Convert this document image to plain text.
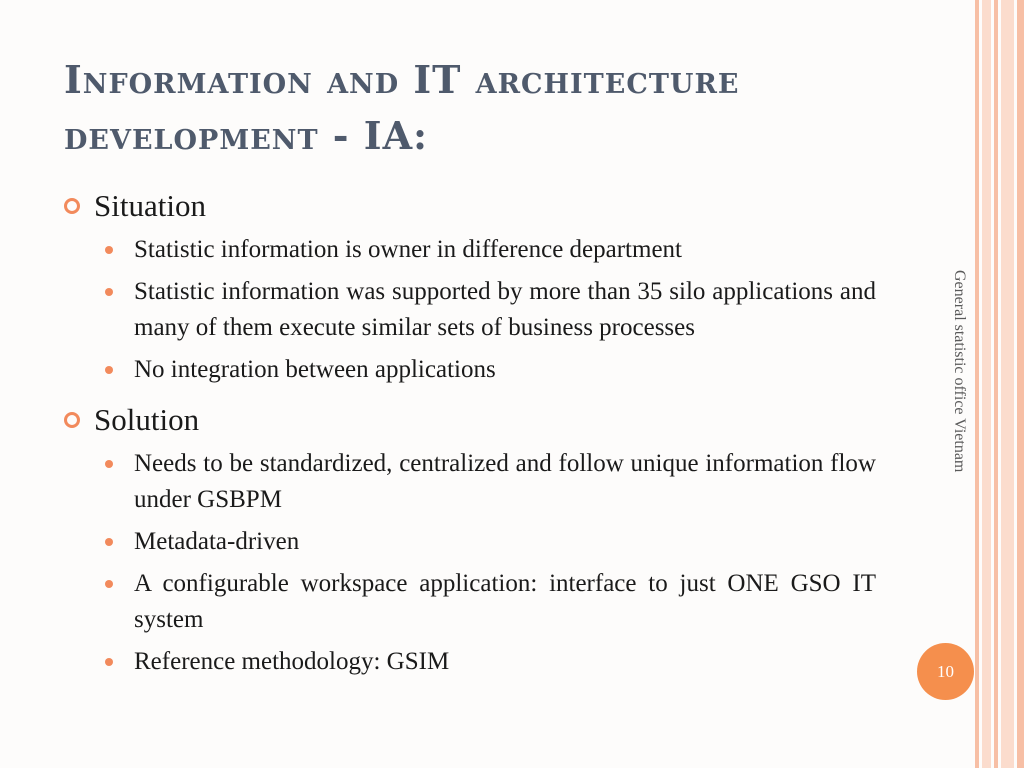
Information and IT architecture development - IA:
Situation
Statistic information is owner in difference department
Statistic information was supported by more than 35 silo applications and many of them execute similar sets of business processes
No integration between applications
Solution
Needs to be standardized, centralized and follow unique information flow under GSBPM
Metadata-driven
A configurable workspace application: interface to just ONE GSO IT system
Reference methodology: GSIM
General statistic office Vietnam
10
